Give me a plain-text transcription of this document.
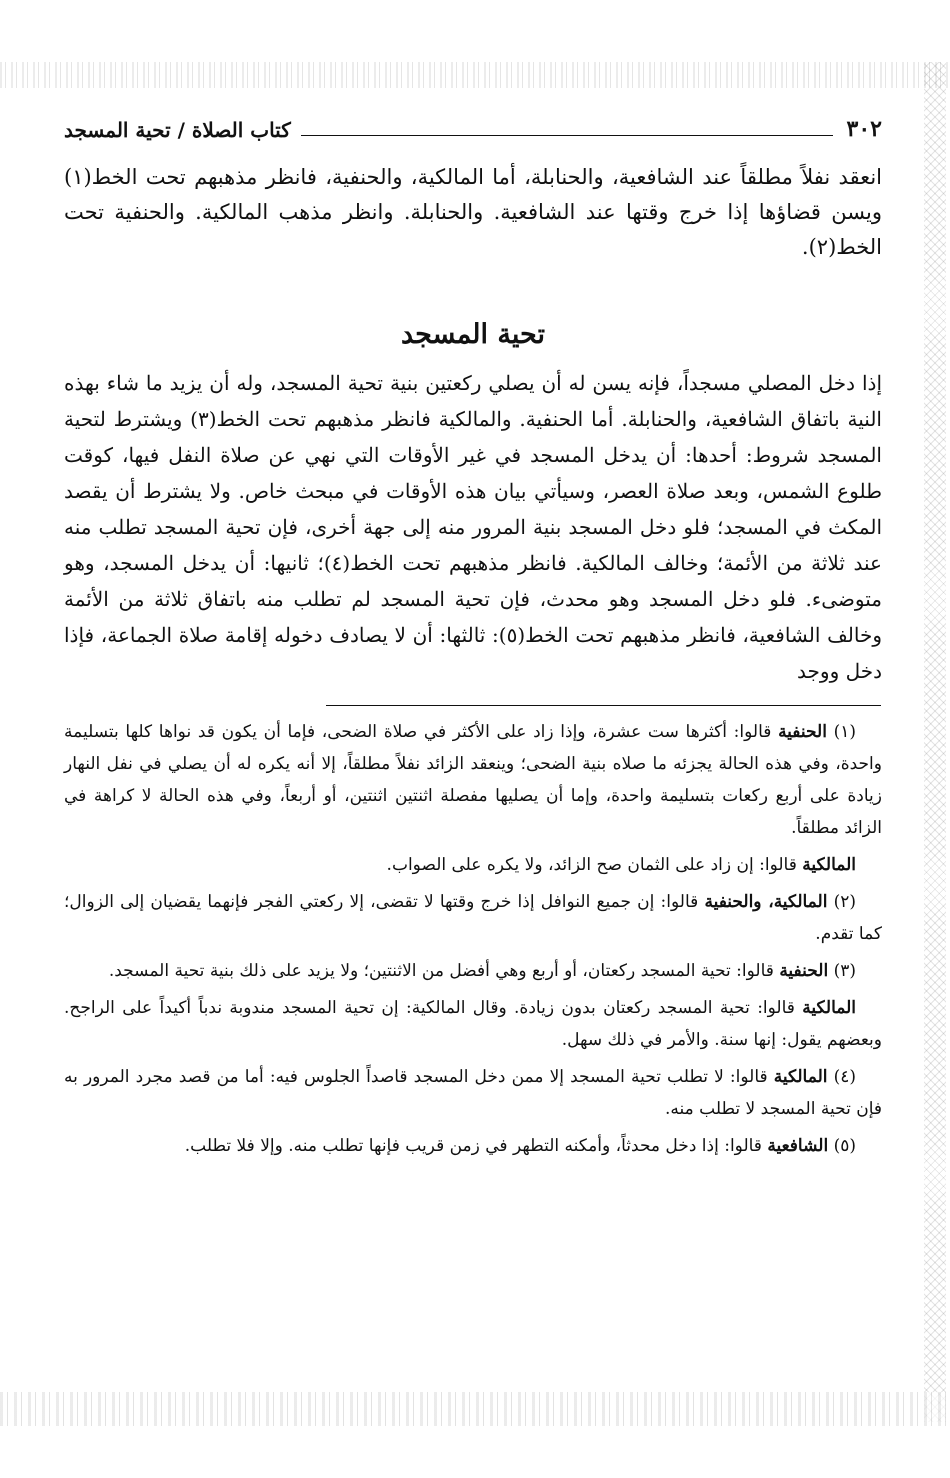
٣٠٢
كتاب الصلاة / تحية المسجد

انعقد نفلاً مطلقاً عند الشافعية، والحنابلة، أما المالكية، والحنفية، فانظر مذهبهم تحت الخط(١) ويسن قضاؤها إذا خرج وقتها عند الشافعية. والحنابلة. وانظر مذهب المالكية. والحنفية تحت الخط(٢).

تحية المسجد

إذا دخل المصلي مسجداً، فإنه يسن له أن يصلي ركعتين بنية تحية المسجد، وله أن يزيد ما شاء بهذه النية باتفاق الشافعية، والحنابلة. أما الحنفية. والمالكية فانظر مذهبهم تحت الخط(٣) ويشترط لتحية المسجد شروط: أحدها: أن يدخل المسجد في غير الأوقات التي نهي عن صلاة النفل فيها، كوقت طلوع الشمس، وبعد صلاة العصر، وسيأتي بيان هذه الأوقات في مبحث خاص. ولا يشترط أن يقصد المكث في المسجد؛ فلو دخل المسجد بنية المرور منه إلى جهة أخرى، فإن تحية المسجد تطلب منه عند ثلاثة من الأئمة؛ وخالف المالكية. فانظر مذهبهم تحت الخط(٤)؛ ثانيها: أن يدخل المسجد، وهو متوضىء. فلو دخل المسجد وهو محدث، فإن تحية المسجد لم تطلب منه باتفاق ثلاثة من الأئمة وخالف الشافعية، فانظر مذهبهم تحت الخط(٥): ثالثها: أن لا يصادف دخوله إقامة صلاة الجماعة، فإذا دخل ووجد

(١) الحنفية قالوا: أكثرها ست عشرة، وإذا زاد على الأكثر في صلاة الضحى، فإما أن يكون قد نواها كلها بتسليمة واحدة، وفي هذه الحالة يجزئه ما صلاه بنية الضحى؛ وينعقد الزائد نفلاً مطلقاً، إلا أنه يكره له أن يصلي في نفل النهار زيادة على أربع ركعات بتسليمة واحدة، وإما أن يصليها مفصلة اثنتين اثنتين، أو أربعاً، وفي هذه الحالة لا كراهة في الزائد مطلقاً.

المالكية قالوا: إن زاد على الثمان صح الزائد، ولا يكره على الصواب.

(٢) المالكية، والحنفية قالوا: إن جميع النوافل إذا خرج وقتها لا تقضى، إلا ركعتي الفجر فإنهما يقضيان إلى الزوال؛ كما تقدم.

(٣) الحنفية قالوا: تحية المسجد ركعتان، أو أربع وهي أفضل من الاثنتين؛ ولا يزيد على ذلك بنية تحية المسجد.

المالكية قالوا: تحية المسجد ركعتان بدون زيادة. وقال المالكية: إن تحية المسجد مندوبة ندباً أكيداً على الراجح. وبعضهم يقول: إنها سنة. والأمر في ذلك سهل.

(٤) المالكية قالوا: لا تطلب تحية المسجد إلا ممن دخل المسجد قاصداً الجلوس فيه: أما من قصد مجرد المرور به فإن تحية المسجد لا تطلب منه.

(٥) الشافعية قالوا: إذا دخل محدثاً، وأمكنه التطهر في زمن قريب فإنها تطلب منه. وإلا فلا تطلب.
